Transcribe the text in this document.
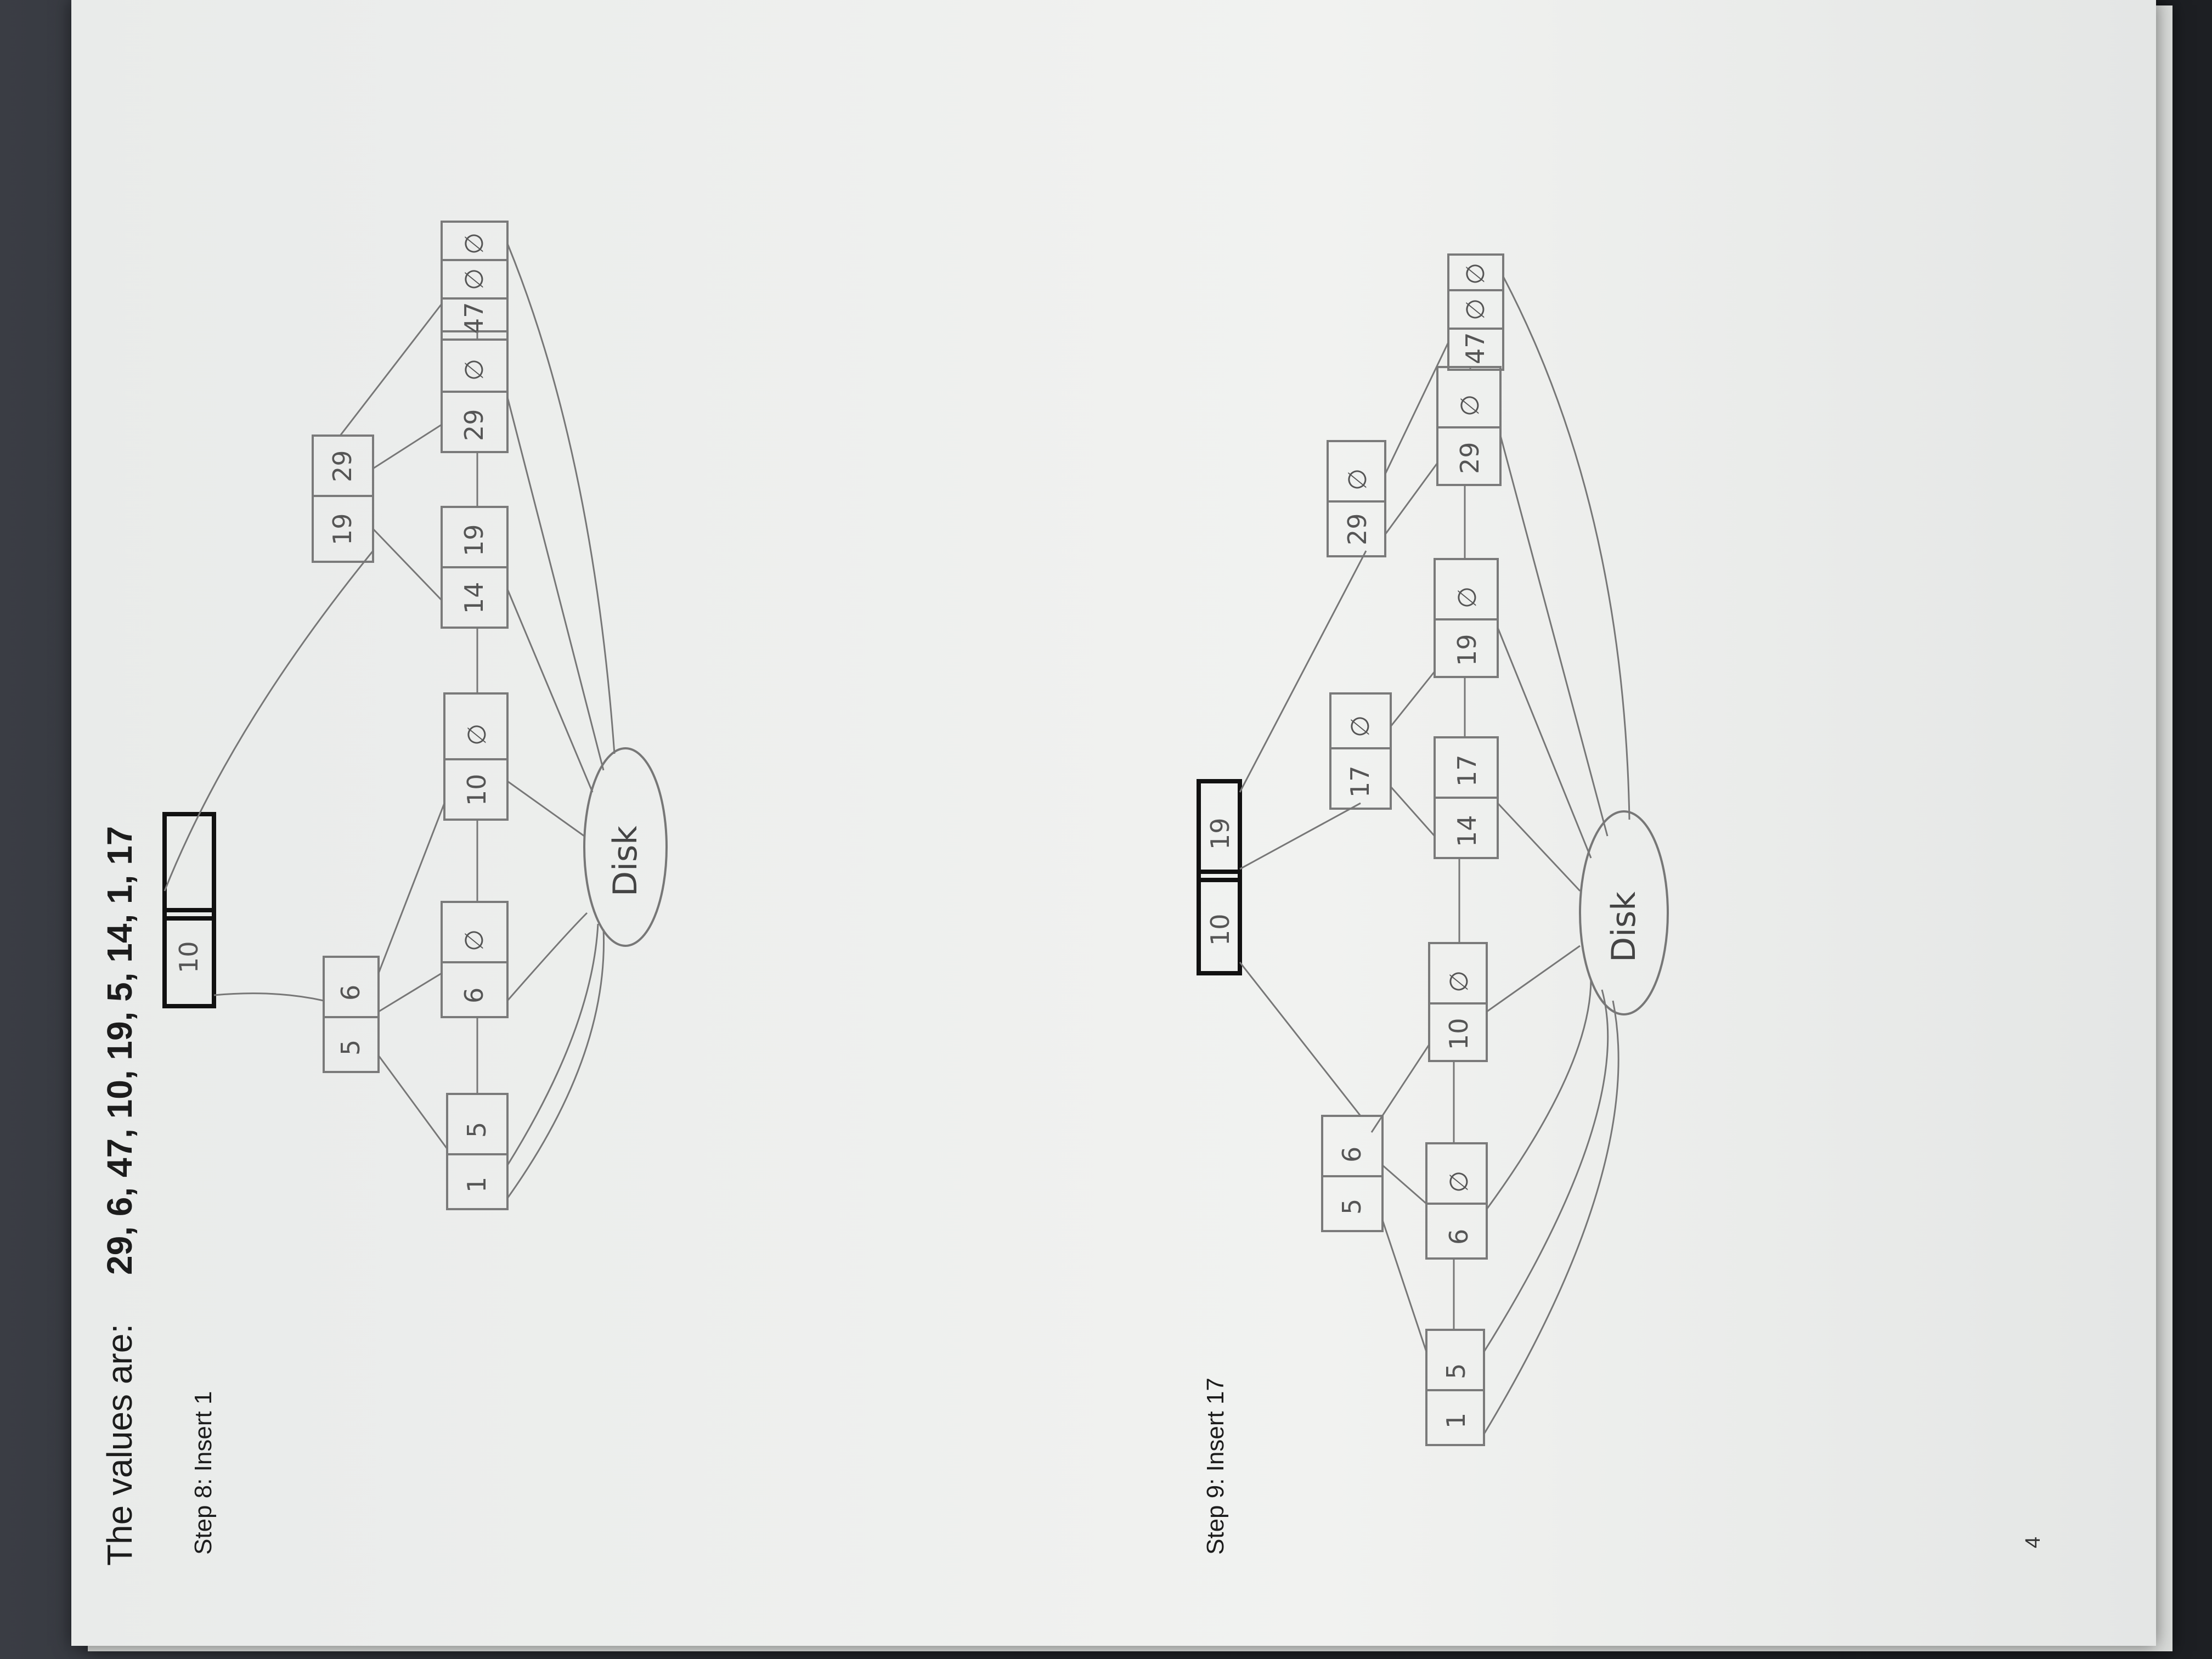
The values are:
29, 6, 47, 10, 19, 5, 14, 1, 17
Step 8: Insert 1
10
5
6
19
29
1
5
6
∅
10
∅
14
19
29
∅
47
∅
∅
Disk
Step 9: Insert 17
10
19
5
6
17
∅
29
∅
1
5
6
∅
10
∅
14
17
19
∅
29
∅
47
∅
∅
Disk
4
